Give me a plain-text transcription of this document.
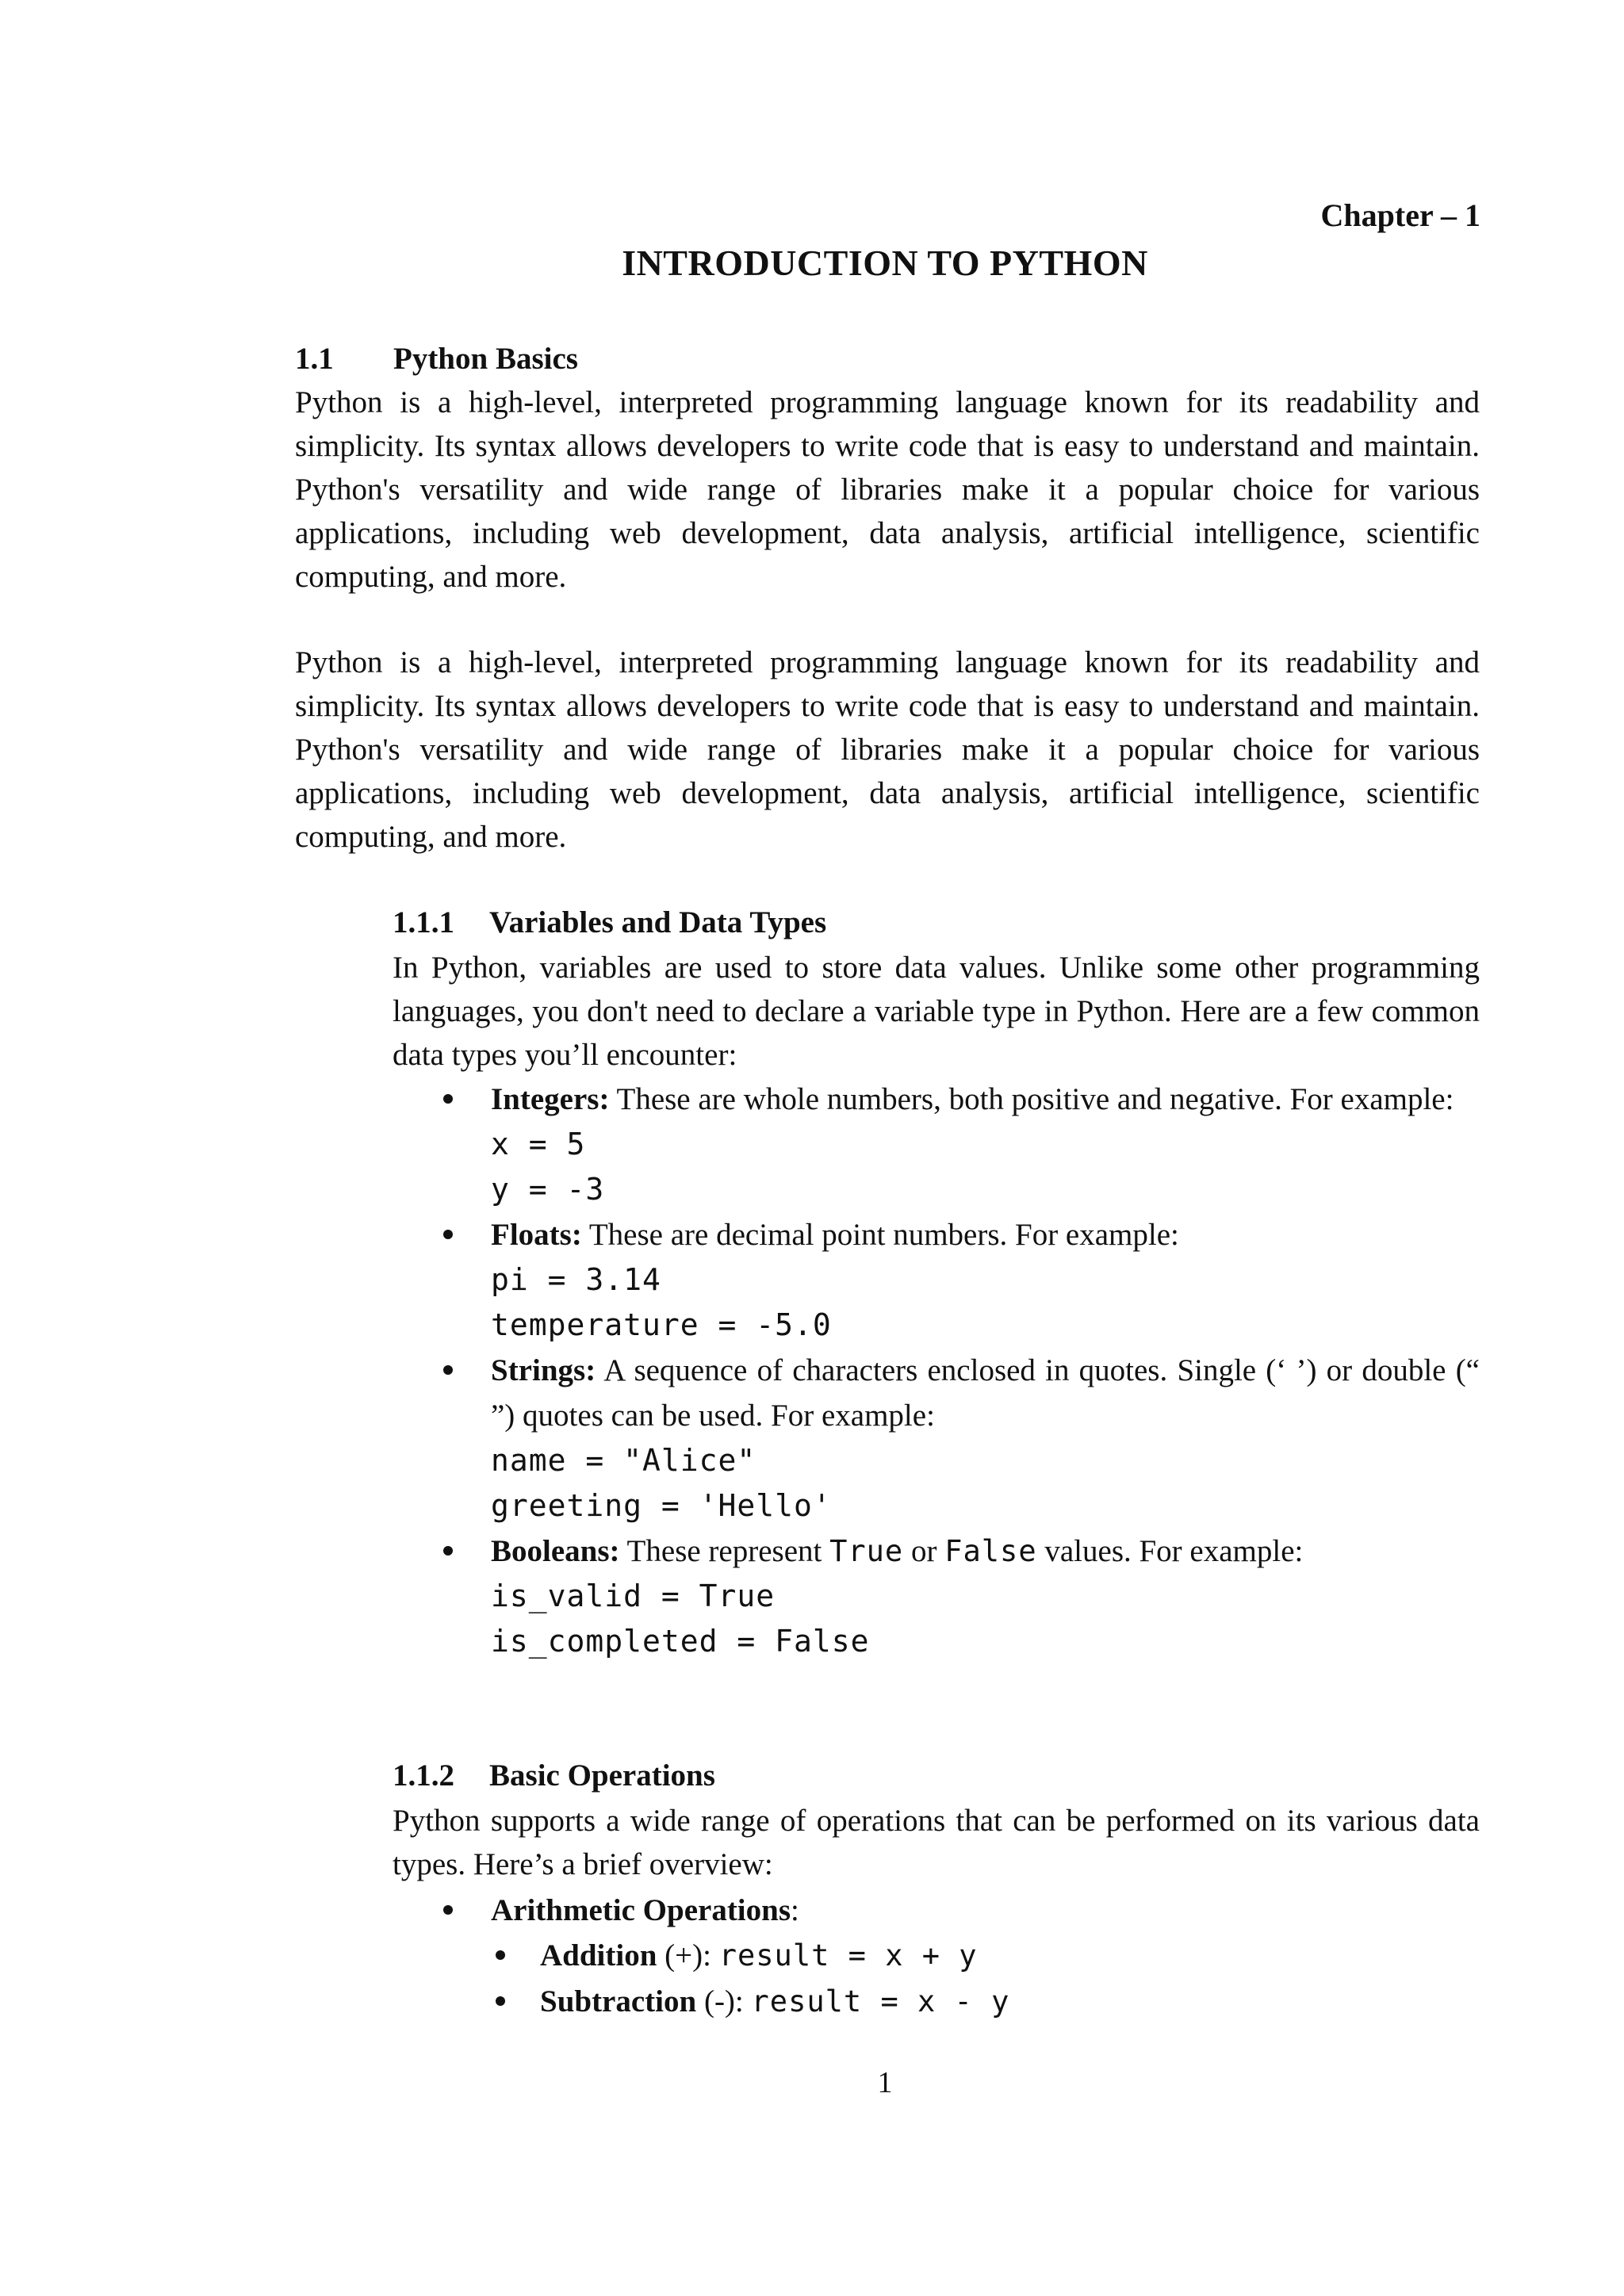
Chapter – 1
INTRODUCTION TO PYTHON
1.1 Python Basics
Python is a high-level, interpreted programming language known for its readability and simplicity. Its syntax allows developers to write code that is easy to understand and maintain. Python's versatility and wide range of libraries make it a popular choice for various applications, including web development, data analysis, artificial intelligence, scientific computing, and more.
Python is a high-level, interpreted programming language known for its readability and simplicity. Its syntax allows developers to write code that is easy to understand and maintain. Python's versatility and wide range of libraries make it a popular choice for various applications, including web development, data analysis, artificial intelligence, scientific computing, and more.
1.1.1 Variables and Data Types
In Python, variables are used to store data values. Unlike some other programming languages, you don't need to declare a variable type in Python. Here are a few common data types you’ll encounter:
Integers: These are whole numbers, both positive and negative. For example:
x = 5
y = -3
Floats: These are decimal point numbers. For example:
pi = 3.14
temperature = -5.0
Strings: A sequence of characters enclosed in quotes. Single (‘ ’) or double (“ ”) quotes can be used. For example:
name = "Alice"
greeting = 'Hello'
Booleans: These represent True or False values. For example:
is_valid = True
is_completed = False
1.1.2 Basic Operations
Python supports a wide range of operations that can be performed on its various data types. Here’s a brief overview:
Arithmetic Operations:
Addition (+): result = x + y
Subtraction (-): result = x - y
1
